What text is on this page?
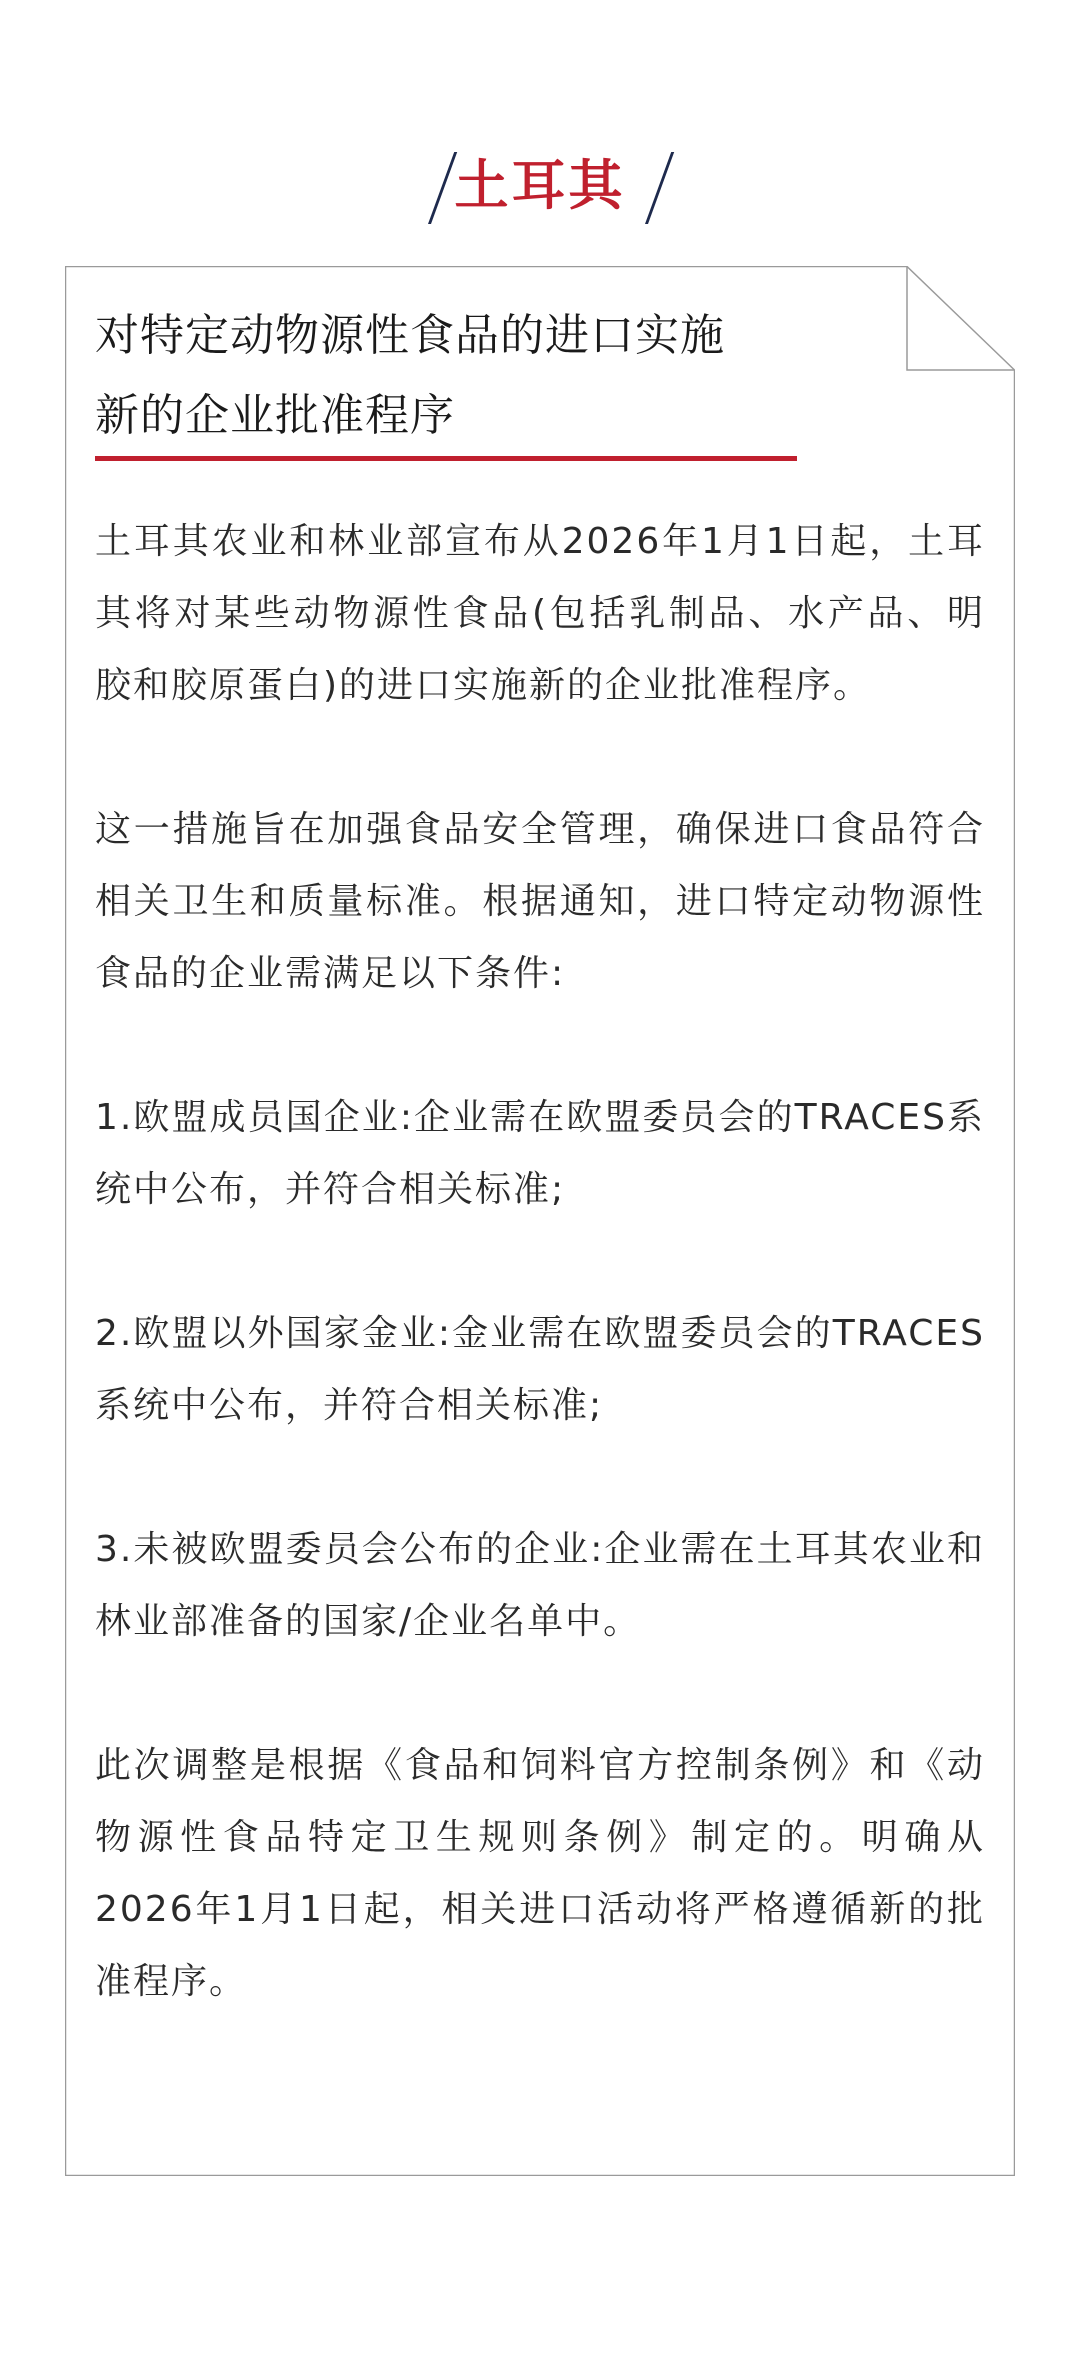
土耳其
对特定动物源性食品的进口实施
新的企业批准程序

土耳其农业和林业部宣布从2026年1月1日起，土耳其将对某些动物源性食品(包括乳制品、水产品、明胶和胶原蛋白)的进口实施新的企业批准程序。

这一措施旨在加强食品安全管理，确保进口食品符合相关卫生和质量标准。根据通知，进口特定动物源性食品的企业需满足以下条件:

1.欧盟成员国企业:企业需在欧盟委员会的TRACES系统中公布，并符合相关标准;

2.欧盟以外国家金业:金业需在欧盟委员会的TRACES系统中公布，并符合相关标准;

3.未被欧盟委员会公布的企业:企业需在土耳其农业和林业部准备的国家/企业名单中。

此次调整是根据《食品和饲料官方控制条例》和《动物源性食品特定卫生规则条例》制定的。明确从2026年1月1日起，相关进口活动将严格遵循新的批准程序。
